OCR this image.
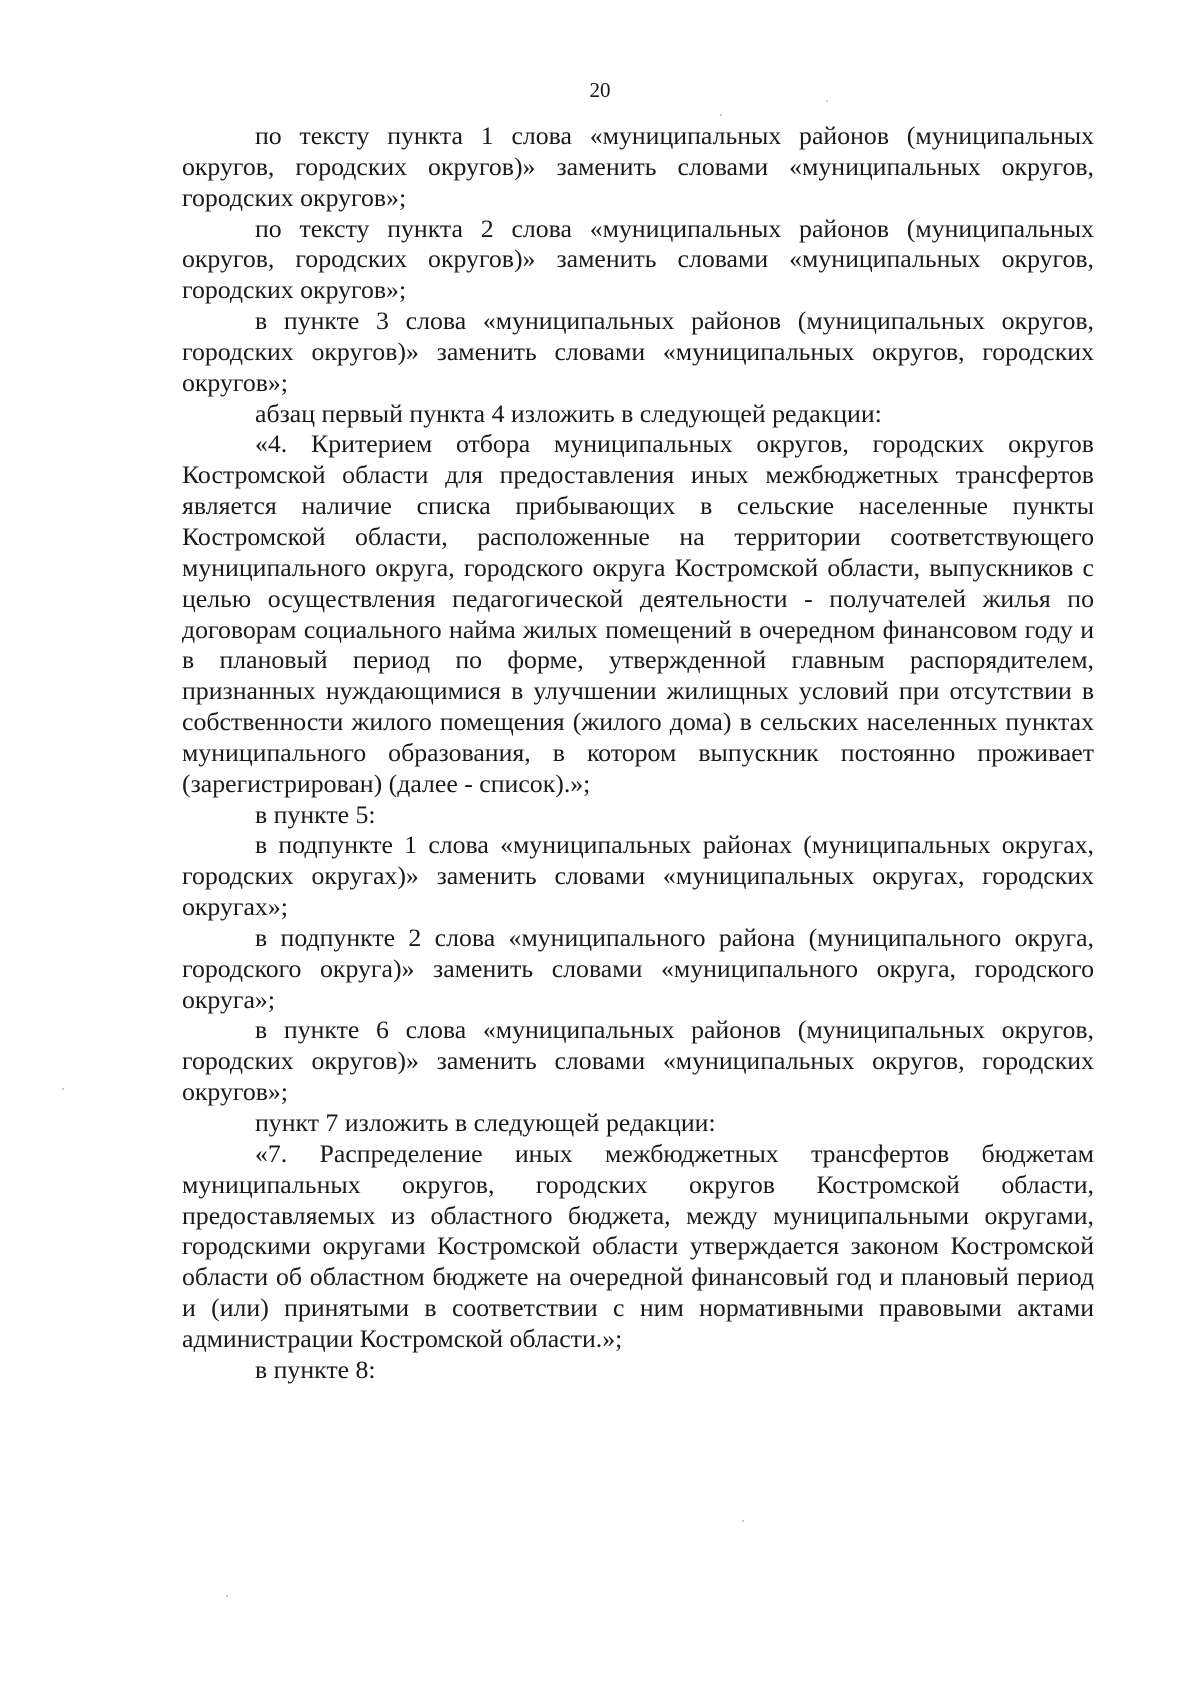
20

по тексту пункта 1 слова «муниципальных районов (муниципальных округов, городских округов)» заменить словами «муниципальных округов, городских округов»;

по тексту пункта 2 слова «муниципальных районов (муниципальных округов, городских округов)» заменить словами «муниципальных округов, городских округов»;

в пункте 3 слова «муниципальных районов (муниципальных округов, городских округов)» заменить словами «муниципальных округов, городских округов»;

абзац первый пункта 4 изложить в следующей редакции:

«4. Критерием отбора муниципальных округов, городских округов Костромской области для предоставления иных межбюджетных трансфертов является наличие списка прибывающих в сельские населенные пункты Костромской области, расположенные на территории соответствующего муниципального округа, городского округа Костромской области, выпускников с целью осуществления педагогической деятельности - получателей жилья по договорам социального найма жилых помещений в очередном финансовом году и в плановый период по форме, утвержденной главным распорядителем, признанных нуждающимися в улучшении жилищных условий при отсутствии в собственности жилого помещения (жилого дома) в сельских населенных пунктах муниципального образования, в котором выпускник постоянно проживает (зарегистрирован) (далее - список).»;

в пункте 5:

в подпункте 1 слова «муниципальных районах (муниципальных округах, городских округах)» заменить словами «муниципальных округах, городских округах»;

в подпункте 2 слова «муниципального района (муниципального округа, городского округа)» заменить словами «муниципального округа, городского округа»;

в пункте 6 слова «муниципальных районов (муниципальных округов, городских округов)» заменить словами «муниципальных округов, городских округов»;

пункт 7 изложить в следующей редакции:

«7. Распределение иных межбюджетных трансфертов бюджетам муниципальных округов, городских округов Костромской области, предоставляемых из областного бюджета, между муниципальными округами, городскими округами Костромской области утверждается законом Костромской области об областном бюджете на очередной финансовый год и плановый период и (или) принятыми в соответствии с ним нормативными правовыми актами администрации Костромской области.»;

в пункте 8:
